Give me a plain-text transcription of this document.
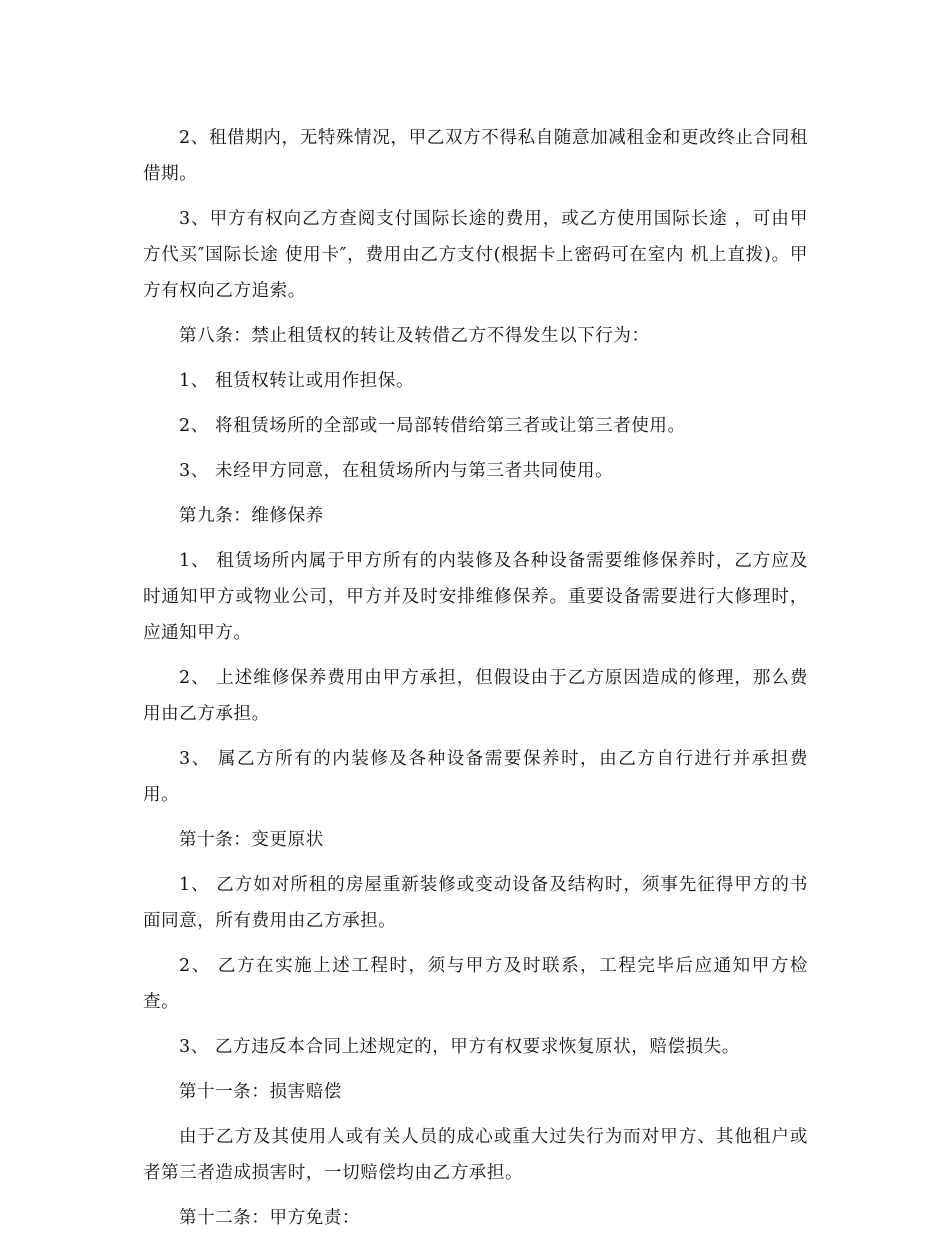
2、租借期内，无特殊情况，甲乙双方不得私自随意加减租金和更改终止合同租借期。

3、甲方有权向乙方查阅支付国际长途的费用，或乙方使用国际长途 ，可由甲方代买″国际长途 使用卡″，费用由乙方支付(根据卡上密码可在室内 机上直拨)。甲方有权向乙方追索。

第八条：禁止租赁权的转让及转借乙方不得发生以下行为：

1、 租赁权转让或用作担保。

2、 将租赁场所的全部或一局部转借给第三者或让第三者使用。

3、 未经甲方同意，在租赁场所内与第三者共同使用。

第九条：维修保养

1、 租赁场所内属于甲方所有的内装修及各种设备需要维修保养时，乙方应及时通知甲方或物业公司，甲方并及时安排维修保养。重要设备需要进行大修理时，应通知甲方。

2、 上述维修保养费用由甲方承担，但假设由于乙方原因造成的修理，那么费用由乙方承担。

3、 属乙方所有的内装修及各种设备需要保养时，由乙方自行进行并承担费用。

第十条：变更原状

1、 乙方如对所租的房屋重新装修或变动设备及结构时，须事先征得甲方的书面同意，所有费用由乙方承担。

2、 乙方在实施上述工程时，须与甲方及时联系，工程完毕后应通知甲方检查。

3、 乙方违反本合同上述规定的，甲方有权要求恢复原状，赔偿损失。

第十一条：损害赔偿

由于乙方及其使用人或有关人员的成心或重大过失行为而对甲方、其他租户或者第三者造成损害时，一切赔偿均由乙方承担。

第十二条：甲方免责：
